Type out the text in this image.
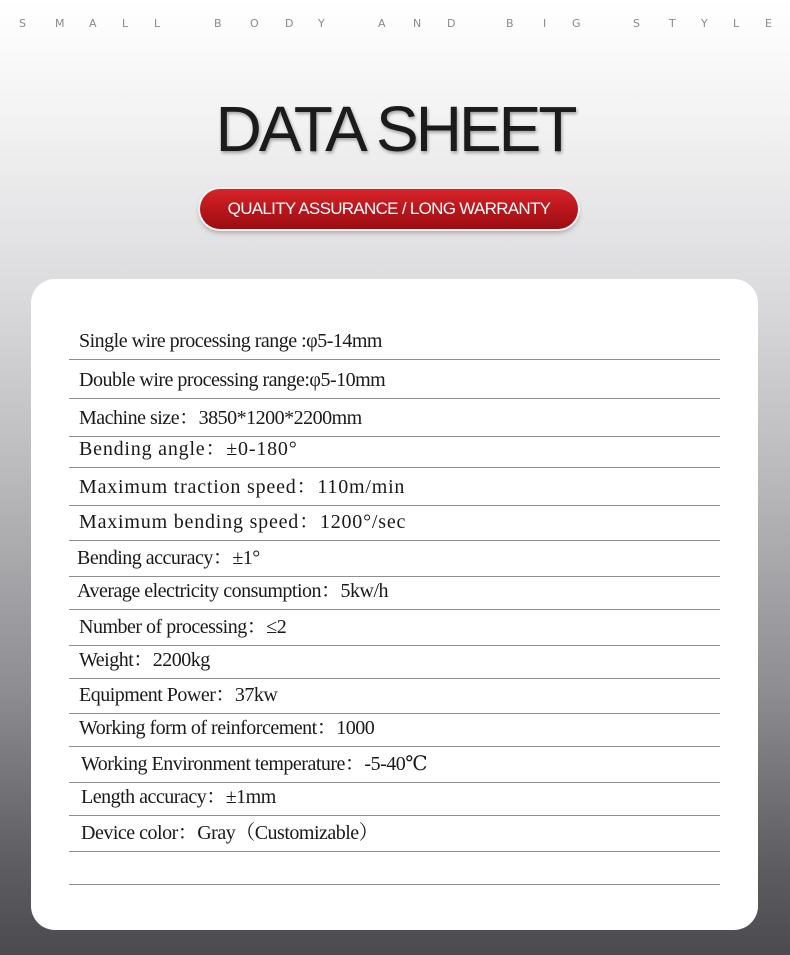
S	M A L L	B	O D Y	A N D	B	I G	S	T Y L E
DATA SHEET
QUALITY ASSURANCE / LONG WARRANTY
Single wire processing range :φ5-14mm
Double wire processing range:φ5-10mm
Machine size：3850*1200*2200mm
Bending angle：±0-180°
Maximum traction speed：110m/min
Maximum bending speed：1200°/sec
Bending accuracy：±1°
Average electricity consumption：5kw/h
Number of processing：≤2
Weight：2200kg
Equipment Power：37kw
Working form of reinforcement：1000
Working Environment temperature：-5-40℃
Length accuracy：±1mm
Device color：Gray（Customizable）
